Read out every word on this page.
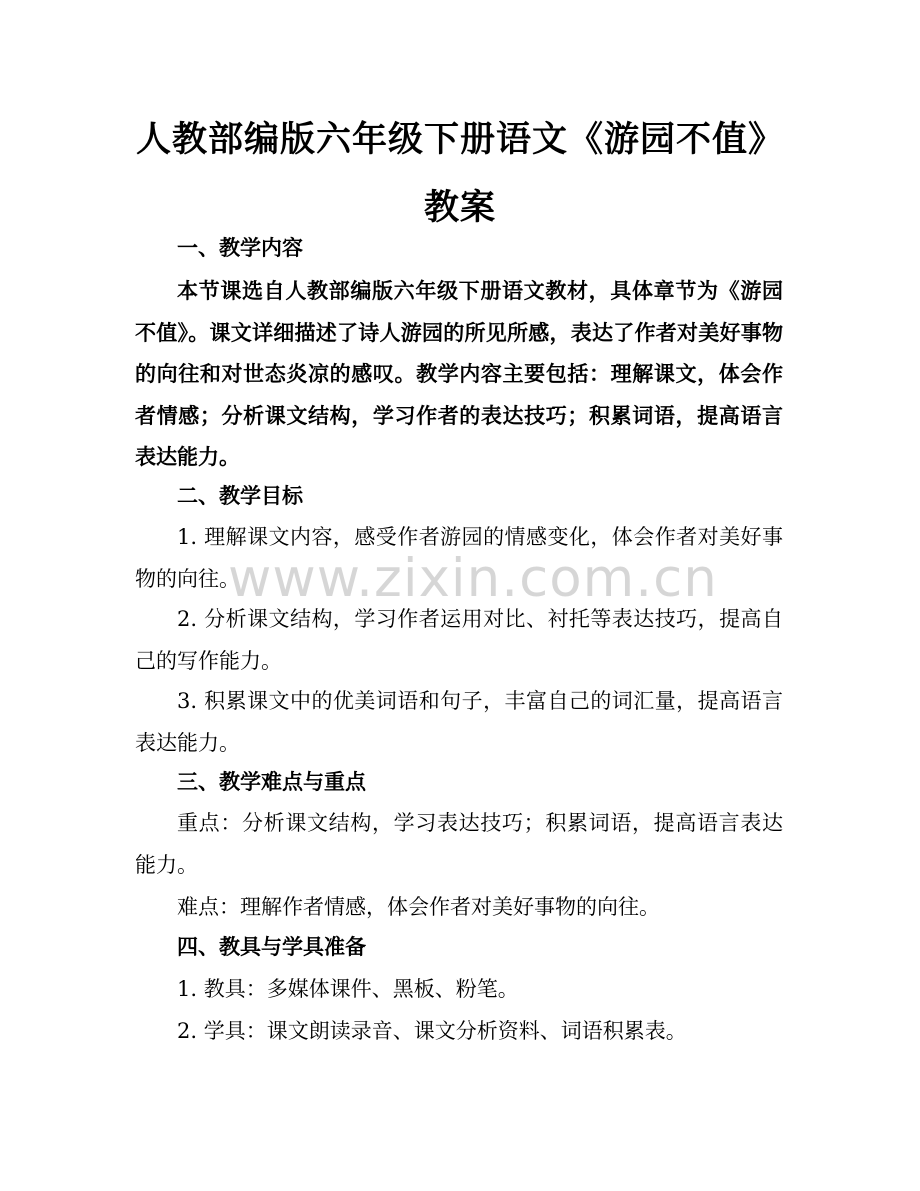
人教部编版六年级下册语文《游园不值》教案
一、教学内容
本节课选自人教部编版六年级下册语文教材，具体章节为《游园不值》。课文详细描述了诗人游园的所见所感，表达了作者对美好事物的向往和对世态炎凉的感叹。教学内容主要包括：理解课文，体会作者情感；分析课文结构，学习作者的表达技巧；积累词语，提高语言表达能力。
二、教学目标
1. 理解课文内容，感受作者游园的情感变化，体会作者对美好事物的向往。
2. 分析课文结构，学习作者运用对比、衬托等表达技巧，提高自己的写作能力。
3. 积累课文中的优美词语和句子，丰富自己的词汇量，提高语言表达能力。
三、教学难点与重点
重点：分析课文结构，学习表达技巧；积累词语，提高语言表达能力。
难点：理解作者情感，体会作者对美好事物的向往。
四、教具与学具准备
1. 教具：多媒体课件、黑板、粉笔。
2. 学具：课文朗读录音、课文分析资料、词语积累表。
www.zixin.com.cn
